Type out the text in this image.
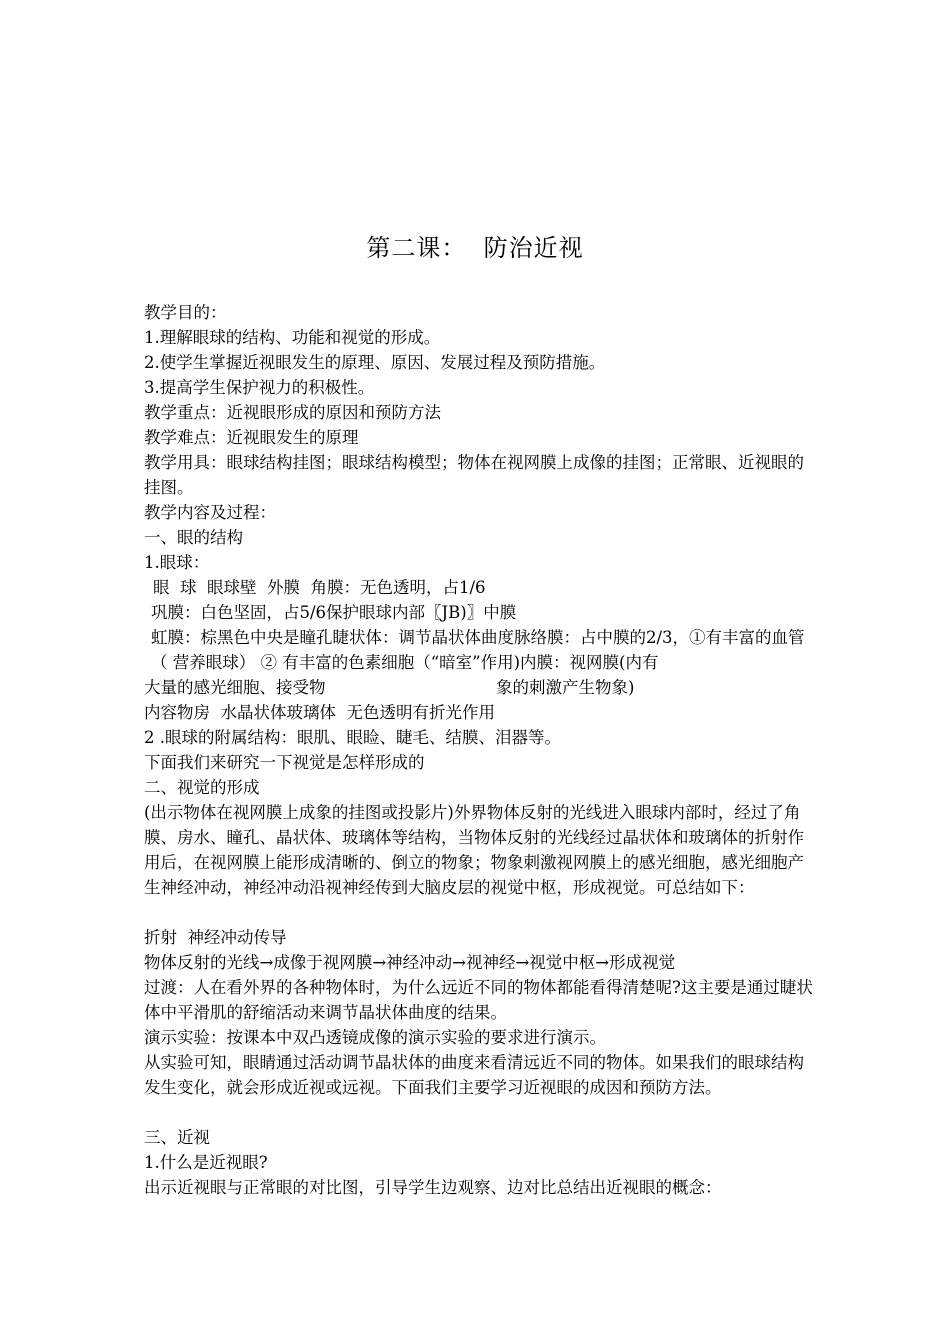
第二课：  防治近视
教学目的：
1.理解眼球的结构、功能和视觉的形成。
2.使学生掌握近视眼发生的原理、原因、发展过程及预防措施。
3.提高学生保护视力的积极性。
教学重点：近视眼形成的原因和预防方法
教学难点：近视眼发生的原理
教学用具：眼球结构挂图；眼球结构模型；物体在视网膜上成像的挂图；正常眼、近视眼的挂图。
教学内容及过程：
一、眼的结构
1.眼球：
眼  球  眼球壁  外膜  角膜：无色透明，占1/6
巩膜：白色坚固，占5/6保护眼球内部〖JB)〗中膜
虹膜：棕黑色中央是瞳孔睫状体：调节晶状体曲度脉络膜：占中膜的2/3，①有丰富的血管（ 营养眼球） ② 有丰富的色素细胞（“暗室”作用)内膜：视网膜(内有
大量的感光细胞、接受物	象的刺激产生物象)
内容物房  水晶状体玻璃体  无色透明有折光作用
2 .眼球的附属结构：眼肌、眼睑、睫毛、结膜、泪器等。
下面我们来研究一下视觉是怎样形成的
二、视觉的形成
(出示物体在视网膜上成象的挂图或投影片)外界物体反射的光线进入眼球内部时，经过了角膜、房水、瞳孔、晶状体、玻璃体等结构，当物体反射的光线经过晶状体和玻璃体的折射作用后，在视网膜上能形成清晰的、倒立的物象；物象刺激视网膜上的感光细胞，感光细胞产生神经冲动，神经冲动沿视神经传到大脑皮层的视觉中枢，形成视觉。可总结如下：
折射  神经冲动传导
物体反射的光线→成像于视网膜→神经冲动→视神经→视觉中枢→形成视觉
过渡：人在看外界的各种物体时，为什么远近不同的物体都能看得清楚呢?这主要是通过睫状体中平滑肌的舒缩活动来调节晶状体曲度的结果。
演示实验：按课本中双凸透镜成像的演示实验的要求进行演示。
从实验可知，眼睛通过活动调节晶状体的曲度来看清远近不同的物体。如果我们的眼球结构发生变化，就会形成近视或远视。下面我们主要学习近视眼的成因和预防方法。
三、近视
1.什么是近视眼?
出示近视眼与正常眼的对比图，引导学生边观察、边对比总结出近视眼的概念：
